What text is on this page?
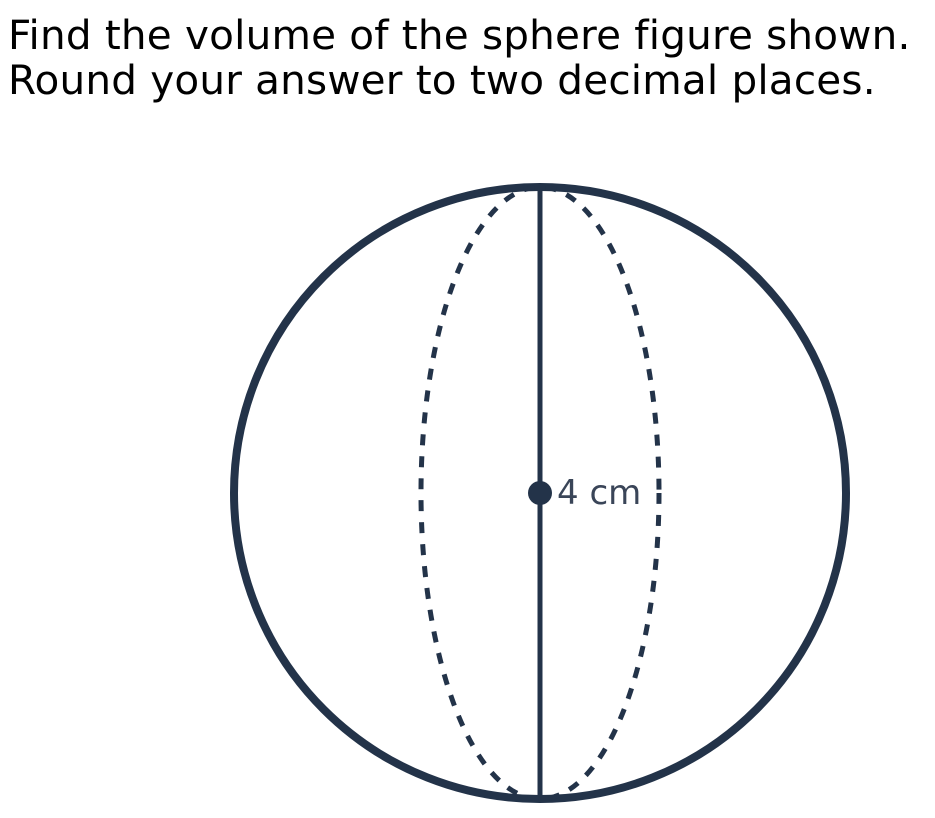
Find the volume of the sphere figure shown.
Round your answer to two decimal places.

4 cm
